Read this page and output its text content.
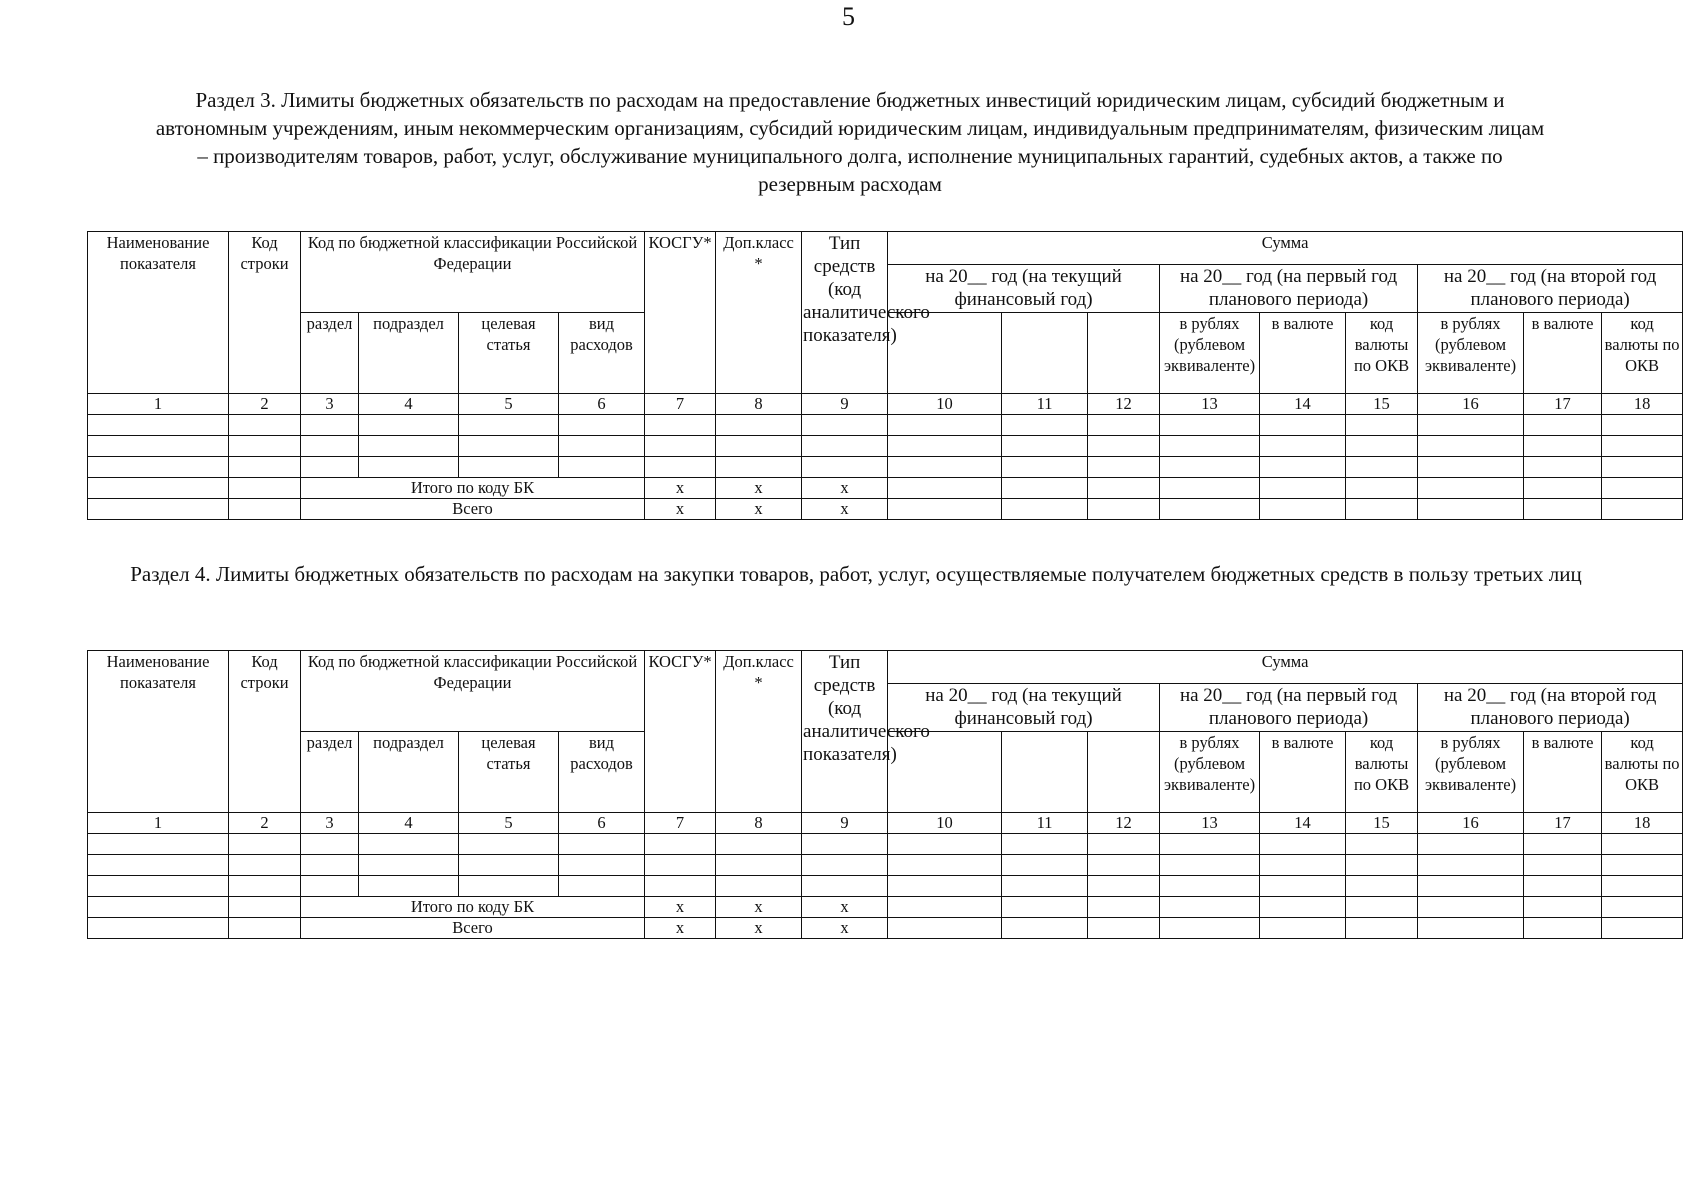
5
Раздел 3. Лимиты бюджетных обязательств по расходам на предоставление бюджетных инвестиций юридическим лицам, субсидий бюджетным и автономным учреждениям, иным некоммерческим организациям, субсидий юридическим лицам, индивидуальным предпринимателям, физическим лицам – производителям товаров, работ, услуг, обслуживание муниципального долга, исполнение муниципальных гарантий, судебных актов, а также по резервным расходам
Наименование показателя	Код строки	Код по бюджетной классификации Российской Федерации				КОСГУ*	Доп.класс *	Тип средств (код аналитического показателя)	Сумма								
									на 20__ год (на текущий финансовый год)			на 20__ год (на первый год планового периода)			на 20__ год (на второй год планового периода)		
		раздел	подраздел	целевая статья	вид расходов							в рублях (рублевом эквиваленте)	в валюте	код валюты по ОКВ	в рублях (рублевом эквиваленте)	в валюте	код валюты по ОКВ
1	2	3	4	5	6	7	8	9	10	11	12	13	14	15	16	17	18

		Итого по коду БК				x	x	x									
		Всего				x	x	x									
Раздел 4. Лимиты бюджетных обязательств по расходам на закупки товаров, работ, услуг, осуществляемые получателем бюджетных средств в пользу третьих лиц
Наименование показателя	Код строки	Код по бюджетной классификации Российской Федерации				КОСГУ*	Доп.класс *	Тип средств (код аналитического показателя)	Сумма								
									на 20__ год (на текущий финансовый год)			на 20__ год (на первый год планового периода)			на 20__ год (на второй год планового периода)		
		раздел	подраздел	целевая статья	вид расходов							в рублях (рублевом эквиваленте)	в валюте	код валюты по ОКВ	в рублях (рублевом эквиваленте)	в валюте	код валюты по ОКВ
1	2	3	4	5	6	7	8	9	10	11	12	13	14	15	16	17	18

		Итого по коду БК				x	x	x									
		Всего				x	x	x									
